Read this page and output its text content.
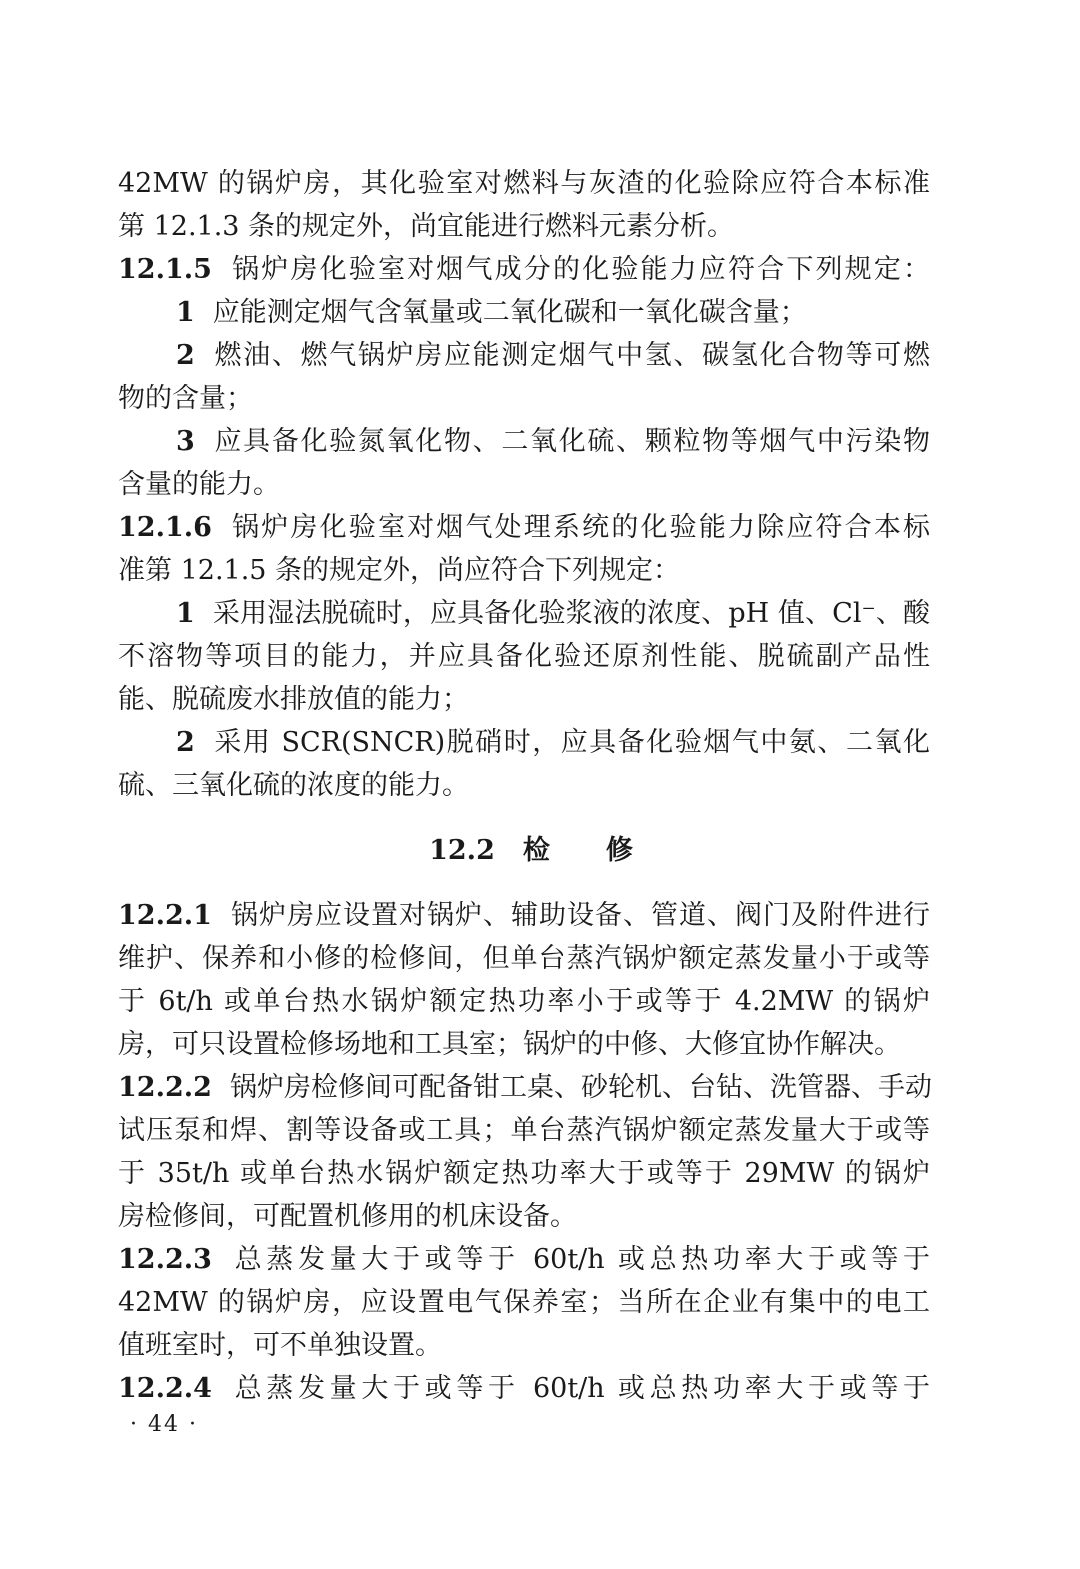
42MW 的锅炉房，其化验室对燃料与灰渣的化验除应符合本标准
第 12.1.3 条的规定外，尚宜能进行燃料元素分析。
12.1.5 锅炉房化验室对烟气成分的化验能力应符合下列规定：
1 应能测定烟气含氧量或二氧化碳和一氧化碳含量；
2 燃油、燃气锅炉房应能测定烟气中氢、碳氢化合物等可燃
物的含量；
3 应具备化验氮氧化物、二氧化硫、颗粒物等烟气中污染物
含量的能力。
12.1.6 锅炉房化验室对烟气处理系统的化验能力除应符合本标
准第 12.1.5 条的规定外，尚应符合下列规定：
1 采用湿法脱硫时，应具备化验浆液的浓度、pH 值、Cl⁻、酸
不溶物等项目的能力，并应具备化验还原剂性能、脱硫副产品性
能、脱硫废水排放值的能力；
2 采用 SCR(SNCR)脱硝时，应具备化验烟气中氨、二氧化
硫、三氧化硫的浓度的能力。
12.2 检 修
12.2.1 锅炉房应设置对锅炉、辅助设备、管道、阀门及附件进行
维护、保养和小修的检修间，但单台蒸汽锅炉额定蒸发量小于或等
于 6t/h 或单台热水锅炉额定热功率小于或等于 4.2MW 的锅炉
房，可只设置检修场地和工具室；锅炉的中修、大修宜协作解决。
12.2.2 锅炉房检修间可配备钳工桌、砂轮机、台钻、洗管器、手动
试压泵和焊、割等设备或工具；单台蒸汽锅炉额定蒸发量大于或等
于 35t/h 或单台热水锅炉额定热功率大于或等于 29MW 的锅炉
房检修间，可配置机修用的机床设备。
12.2.3 总蒸发量大于或等于 60t/h 或总热功率大于或等于
42MW 的锅炉房，应设置电气保养室；当所在企业有集中的电工
值班室时，可不单独设置。
12.2.4 总蒸发量大于或等于 60t/h 或总热功率大于或等于
· 44 ·
